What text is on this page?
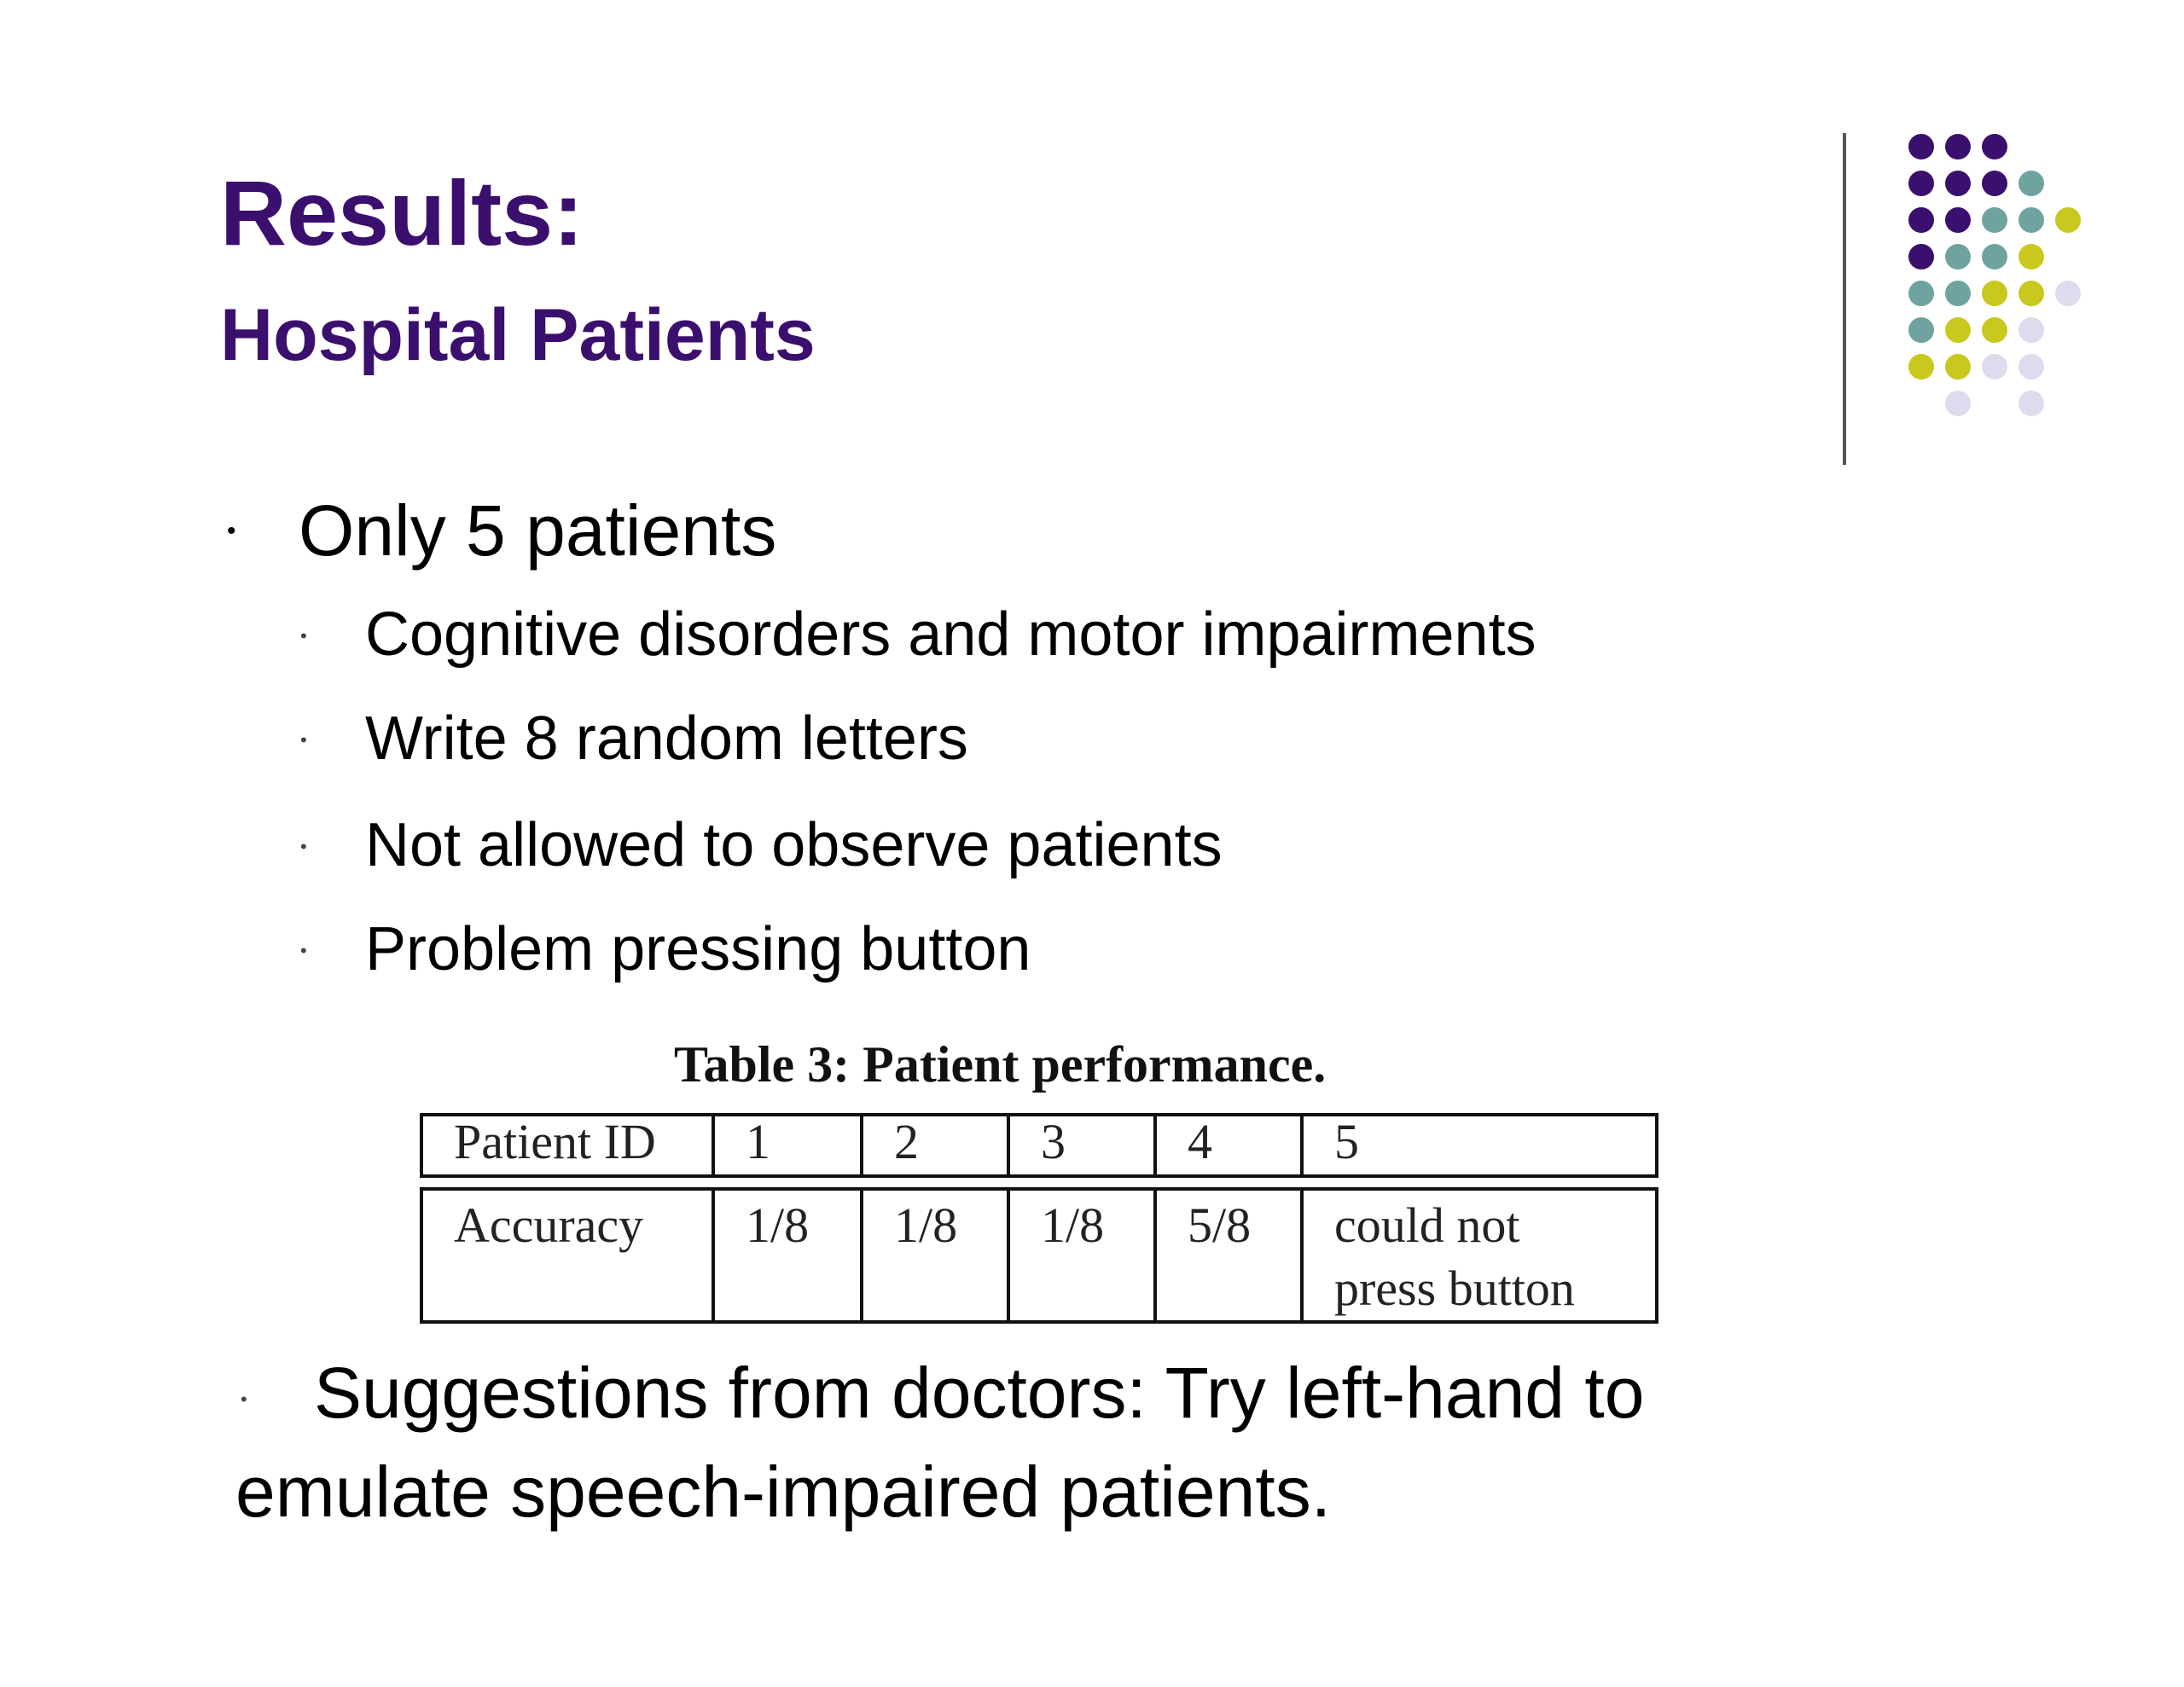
Results:
Hospital Patients
• Only 5 patients

• Cognitive disorders and motor impairments

• Write 8 random letters

• Not allowed to observe patients

• Problem pressing button

Table 3: Patient performance.

Patient ID	1	2	3	4	5
Accuracy	1/8	1/8	1/8	5/8	could not
press button
• Suggestions from doctors: Try left-hand to
emulate speech-impaired patients.
